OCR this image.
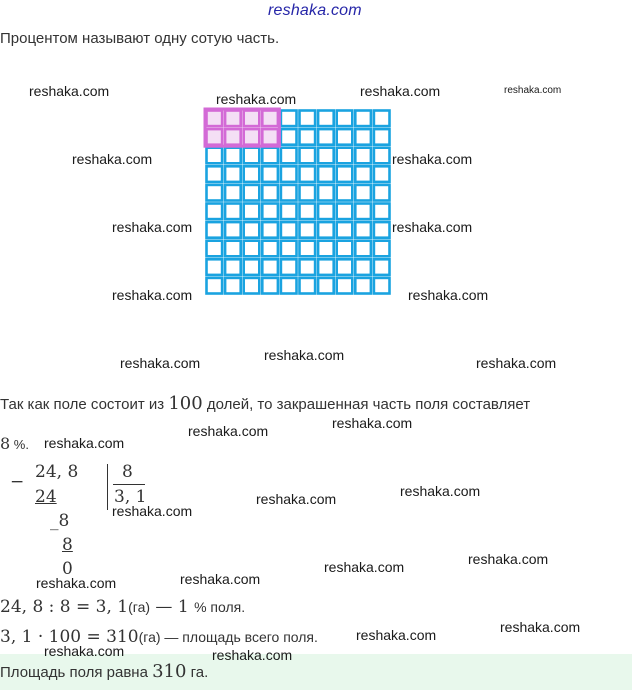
reshaka.com
Процентом называют одну сотую часть.
Так как поле состоит из 100 долей, то закрашенная часть поля составляет
8 %.
− 24, 8
24
8
3, 1
_8
8
0
24, 8 : 8 = 3, 1(га) — 1 % поля.
3, 1 · 100 = 310(га) — площадь всего поля.
Площадь поля равна 310 га.
reshaka.com	reshaka.com	reshaka.com	reshaka.com
reshaka.com	reshaka.com
reshaka.com	reshaka.com
reshaka.com	reshaka.com
reshaka.com
reshaka.com	reshaka.com
reshaka.com
reshaka.com
reshaka.com
reshaka.com
reshaka.com
reshaka.com
reshaka.com
reshaka.com
reshaka.com
reshaka.com
reshaka.com
reshaka.com
reshaka.com	reshaka.com
